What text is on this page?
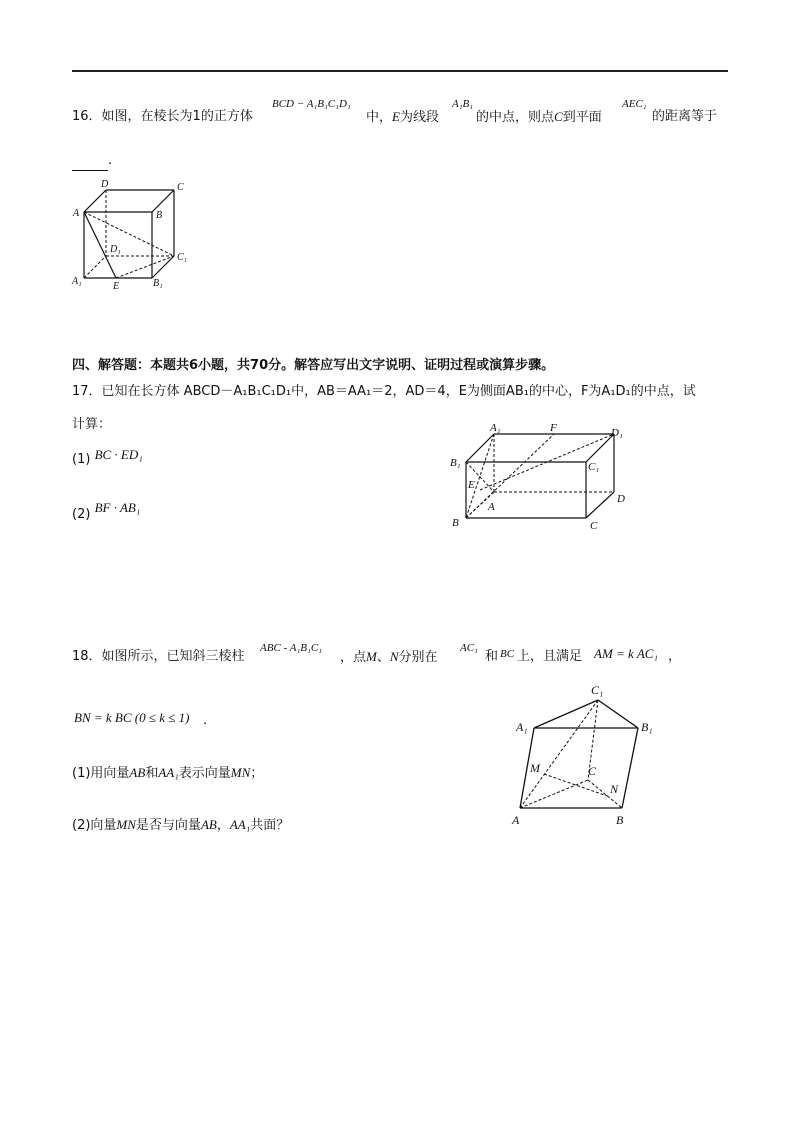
16．如图，在棱长为1的正方体
BCD − A₁B₁C₁D₁
中，E为线段
A₁B₁
的中点，则点C到平面
AEC₁
的距离等于
.
D	C
A	B
D₁
C₁
A₁	E	B₁
四、解答题：本题共6小题，共70分。解答应写出文字说明、证明过程或演算步骤。
17．已知在长方体 ABCD－A₁B₁C₁D₁中，AB＝AA₁＝2，AD＝4，E为侧面AB₁的中心，F为A₁D₁的中点，试
计算：
(1) BC · ED₁
(2) BF · AB₁
A₁	F	D₁
B₁	C₁
E
A
D
B	C
18．如图所示，已知斜三棱柱
ABC - A₁B₁C₁
，点M、N分别在
AC₁
和 BC 上，且满足 AM = k AC₁ ，
BN = k BC (0 ≤ k ≤ 1) .
(1)用向量AB和AA₁表示向量MN；
(2)向量MN是否与向量AB，AA₁共面？
C₁
A₁	B₁
M	C
N
A	B
